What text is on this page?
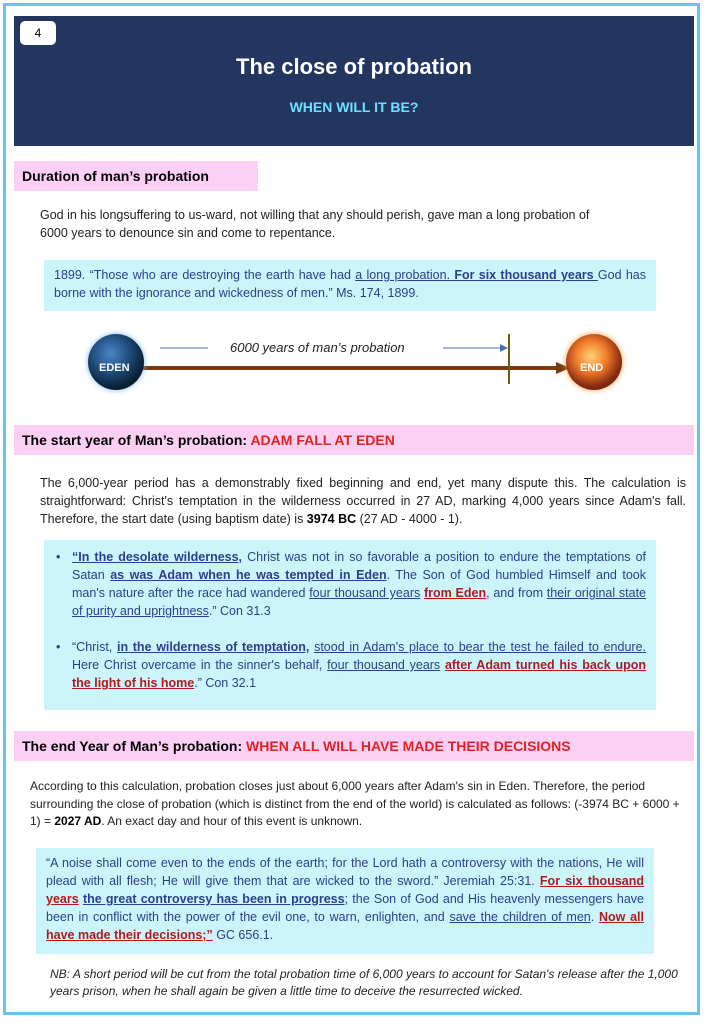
4
The close of probation
WHEN WILL IT BE?
Duration of man’s probation
God in his longsuffering to us-ward, not willing that any should perish, gave man a long probation of 6000 years to denounce sin and come to repentance.
1899. “Those who are destroying the earth have had a long probation. For six thousand years God has borne with the ignorance and wickedness of men.” Ms. 174, 1899.
EDEN	END
6000 years of man’s probation
The start year of Man’s probation: ADAM FALL AT EDEN
The 6,000-year period has a demonstrably fixed beginning and end, yet many dispute this. The calculation is straightforward: Christ's temptation in the wilderness occurred in 27 AD, marking 4,000 years since Adam's fall. Therefore, the start date (using baptism date) is 3974 BC (27 AD - 4000 - 1).
• “In the desolate wilderness, Christ was not in so favorable a position to endure the temptations of Satan as was Adam when he was tempted in Eden. The Son of God humbled Himself and took man's nature after the race had wandered four thousand years from Eden, and from their original state of purity and uprightness.” Con 31.3
• “Christ, in the wilderness of temptation, stood in Adam's place to bear the test he failed to endure. Here Christ overcame in the sinner's behalf, four thousand years after Adam turned his back upon the light of his home.” Con 32.1
The end Year of Man’s probation: WHEN ALL WILL HAVE MADE THEIR DECISIONS
According to this calculation, probation closes just about 6,000 years after Adam's sin in Eden. Therefore, the period surrounding the close of probation (which is distinct from the end of the world) is calculated as follows: (-3974 BC + 6000 + 1) = 2027 AD. An exact day and hour of this event is unknown.
“A noise shall come even to the ends of the earth; for the Lord hath a controversy with the nations, He will plead with all flesh; He will give them that are wicked to the sword.” Jeremiah 25:31. For six thousand years the great controversy has been in progress; the Son of God and His heavenly messengers have been in conflict with the power of the evil one, to warn, enlighten, and save the children of men. Now all have made their decisions;” GC 656.1.
NB: A short period will be cut from the total probation time of 6,000 years to account for Satan's release after the 1,000 years prison, when he shall again be given a little time to deceive the resurrected wicked.
